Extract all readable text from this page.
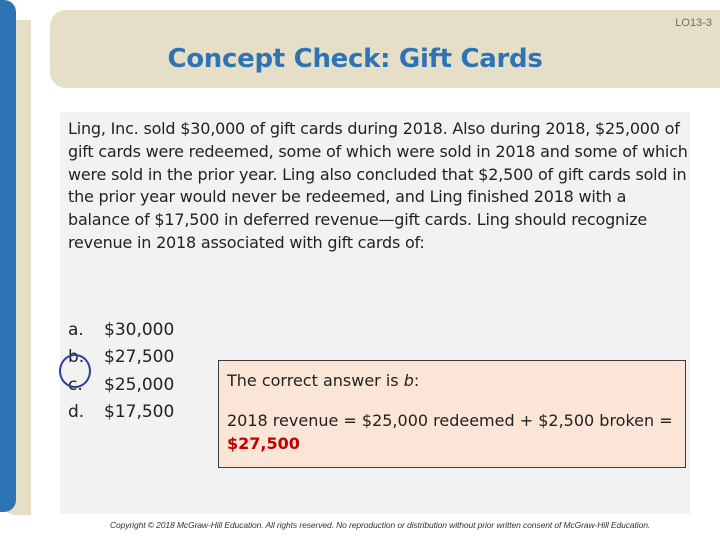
LO13-3
Concept Check: Gift Cards
Ling, Inc. sold $30,000 of gift cards during 2018. Also during 2018, $25,000 of gift cards were redeemed, some of which were sold in 2018 and some of which were sold in the prior year. Ling also concluded that $2,500 of gift cards sold in the prior year would never be redeemed, and Ling finished 2018 with a balance of $17,500 in deferred revenue—gift cards. Ling should recognize revenue in 2018 associated with gift cards of:
a.	$30,000
b.	$27,500
c.	$25,000
d.	$17,500
The correct answer is b:
2018 revenue = $25,000 redeemed + $2,500 broken = $27,500
Copyright © 2018 McGraw-Hill Education. All rights reserved. No reproduction or distribution without prior written consent of McGraw-Hill Education.
